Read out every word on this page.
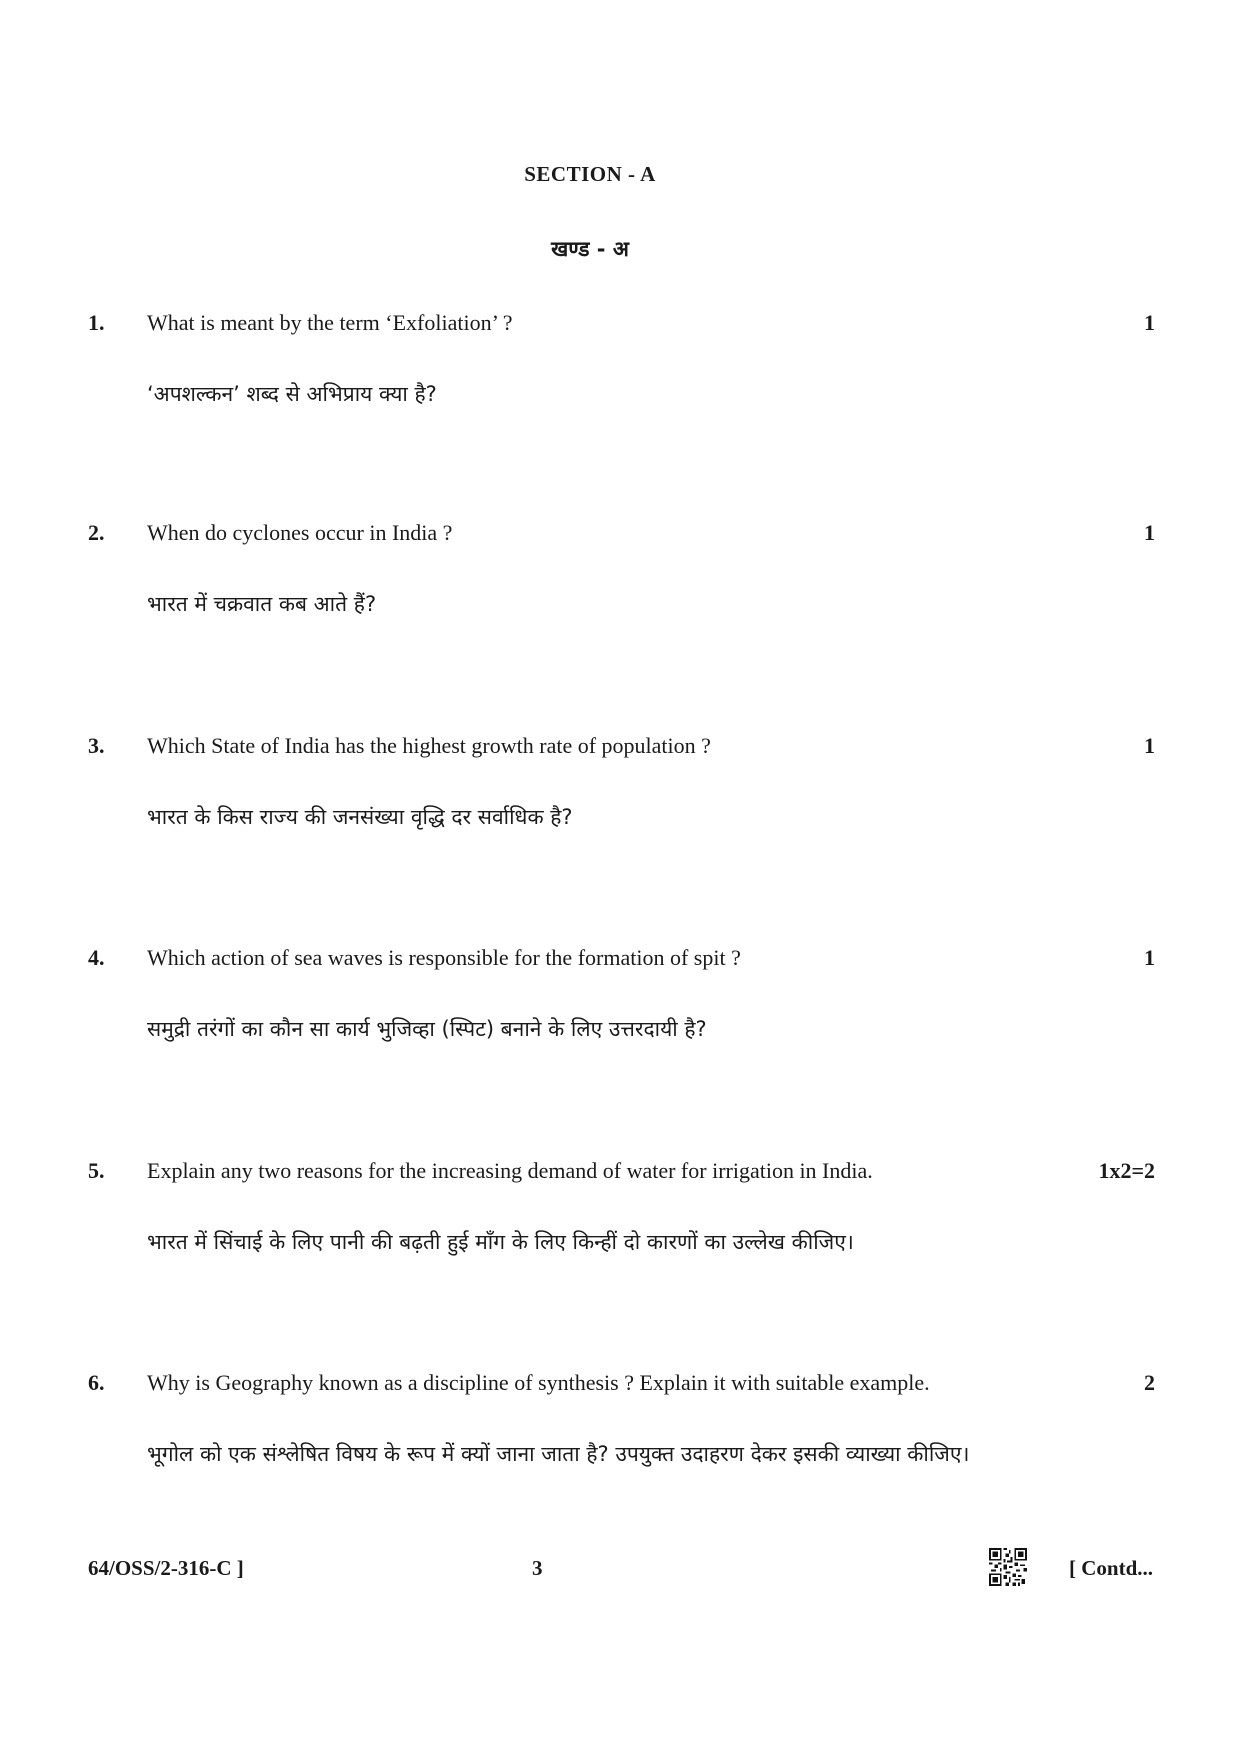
SECTION - A
खण्ड - अ
1. What is meant by the term ‘Exfoliation’ ?	1
‘अपशल्कन’ शब्द से अभिप्राय क्या है?
2. When do cyclones occur in India ?	1
भारत में चक्रवात कब आते हैं?
3. Which State of India has the highest growth rate of population ?	1
भारत के किस राज्य की जनसंख्या वृद्धि दर सर्वाधिक है?
4. Which action of sea waves is responsible for the formation of spit ?	1
समुद्री तरंगों का कौन सा कार्य भुजिव्हा (स्पिट) बनाने के लिए उत्तरदायी है?
5. Explain any two reasons for the increasing demand of water for irrigation in India.	1x2=2
भारत में सिंचाई के लिए पानी की बढ़ती हुई माँग के लिए किन्हीं दो कारणों का उल्लेख कीजिए।
6. Why is Geography known as a discipline of synthesis ? Explain it with suitable example.	2
भूगोल को एक संश्लेषित विषय के रूप में क्यों जाना जाता है? उपयुक्त उदाहरण देकर इसकी व्याख्या कीजिए।
64/OSS/2-316-C ]	3	[ Contd...
